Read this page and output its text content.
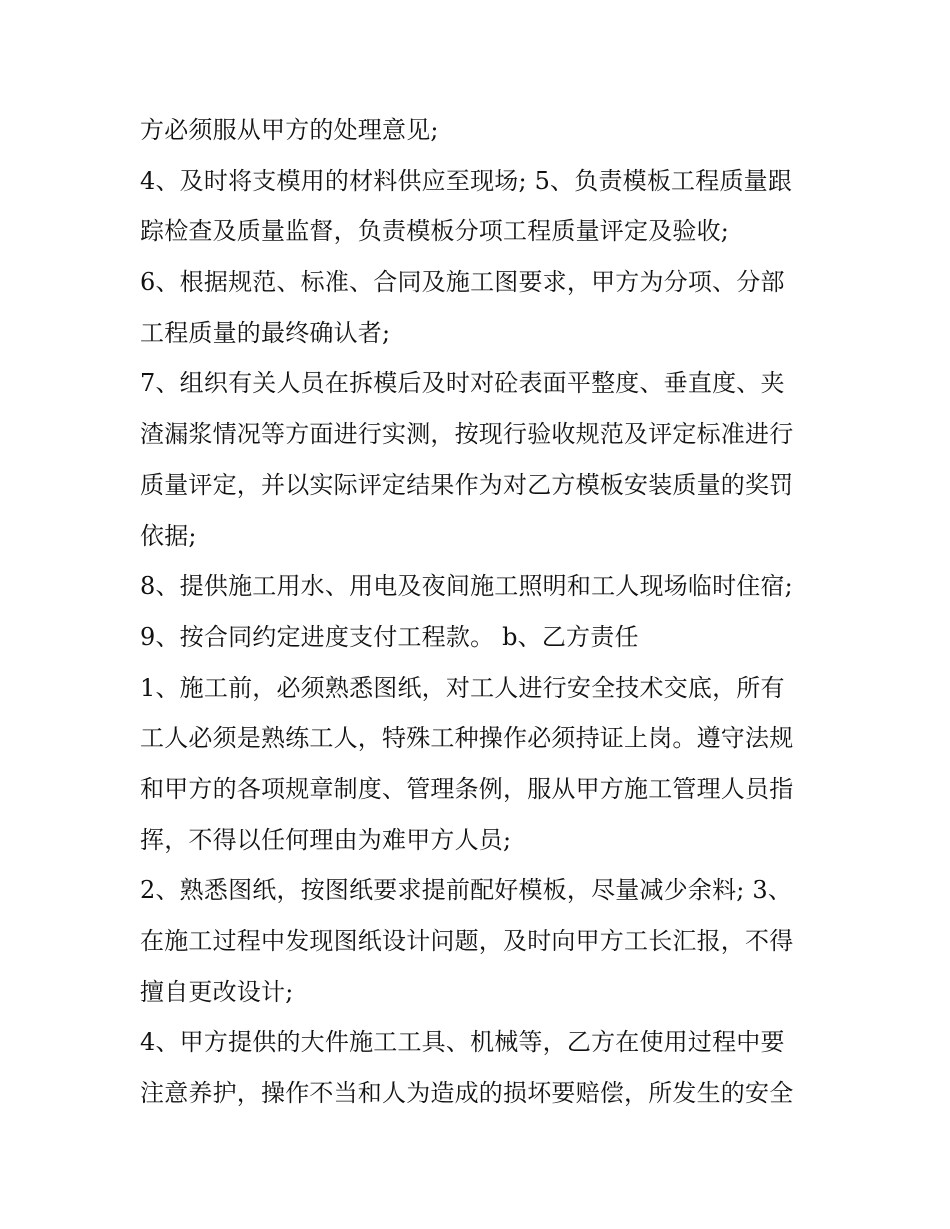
方必须服从甲方的处理意见;
4、及时将支模用的材料供应至现场; 5、负责模板工程质量跟
踪检查及质量监督，负责模板分项工程质量评定及验收;
6、根据规范、标准、合同及施工图要求，甲方为分项、分部
工程质量的最终确认者;
7、组织有关人员在拆模后及时对砼表面平整度、垂直度、夹
渣漏浆情况等方面进行实测，按现行验收规范及评定标准进行
质量评定，并以实际评定结果作为对乙方模板安装质量的奖罚
依据;
8、提供施工用水、用电及夜间施工照明和工人现场临时住宿;
9、按合同约定进度支付工程款。 b、乙方责任
1、施工前，必须熟悉图纸，对工人进行安全技术交底，所有
工人必须是熟练工人，特殊工种操作必须持证上岗。遵守法规
和甲方的各项规章制度、管理条例，服从甲方施工管理人员指
挥，不得以任何理由为难甲方人员;
2、熟悉图纸，按图纸要求提前配好模板，尽量减少余料; 3、
在施工过程中发现图纸设计问题，及时向甲方工长汇报，不得
擅自更改设计;
4、甲方提供的大件施工工具、机械等，乙方在使用过程中要
注意养护，操作不当和人为造成的损坏要赔偿，所发生的安全
